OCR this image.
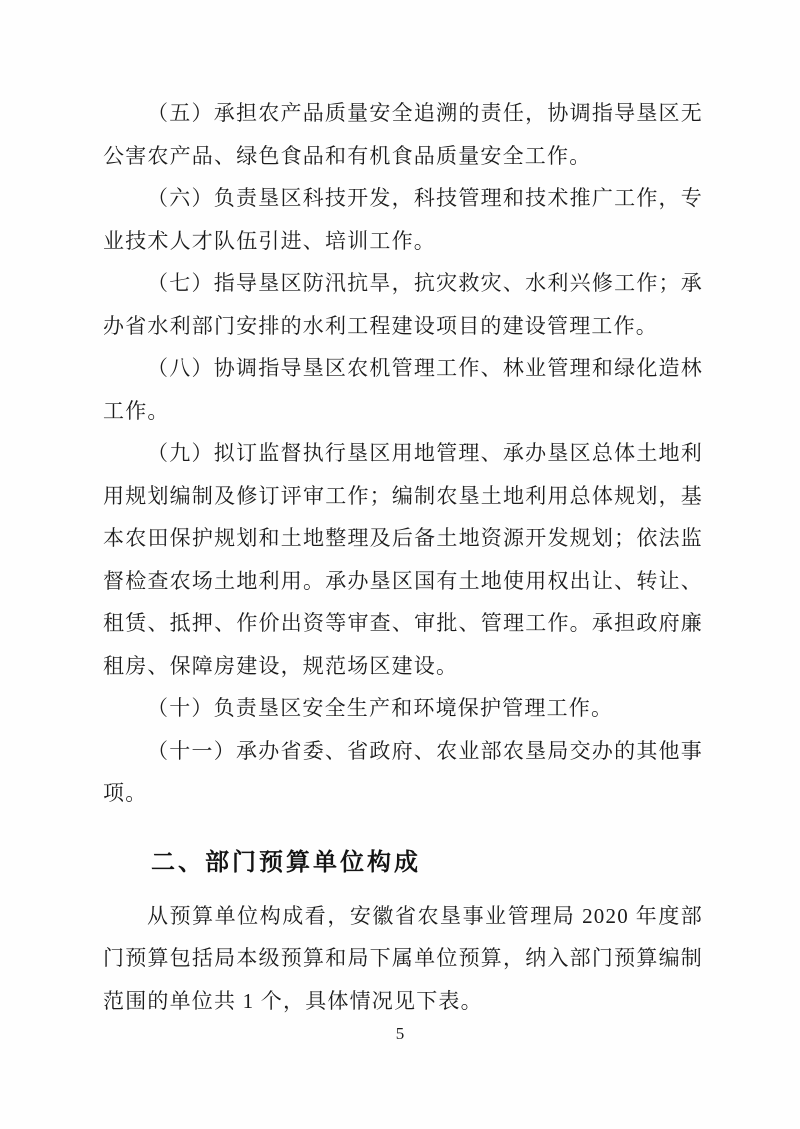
（五）承担农产品质量安全追溯的责任，协调指导垦区无公害农产品、绿色食品和有机食品质量安全工作。

（六）负责垦区科技开发，科技管理和技术推广工作，专业技术人才队伍引进、培训工作。

（七）指导垦区防汛抗旱，抗灾救灾、水利兴修工作；承办省水利部门安排的水利工程建设项目的建设管理工作。

（八）协调指导垦区农机管理工作、林业管理和绿化造林工作。

（九）拟订监督执行垦区用地管理、承办垦区总体土地利用规划编制及修订评审工作；编制农垦土地利用总体规划，基本农田保护规划和土地整理及后备土地资源开发规划；依法监督检查农场土地利用。承办垦区国有土地使用权出让、转让、租赁、抵押、作价出资等审查、审批、管理工作。承担政府廉租房、保障房建设，规范场区建设。

（十）负责垦区安全生产和环境保护管理工作。

（十一）承办省委、省政府、农业部农垦局交办的其他事项。

二、部门预算单位构成

从预算单位构成看，安徽省农垦事业管理局 2020 年度部门预算包括局本级预算和局下属单位预算，纳入部门预算编制范围的单位共 1 个，具体情况见下表。

5
